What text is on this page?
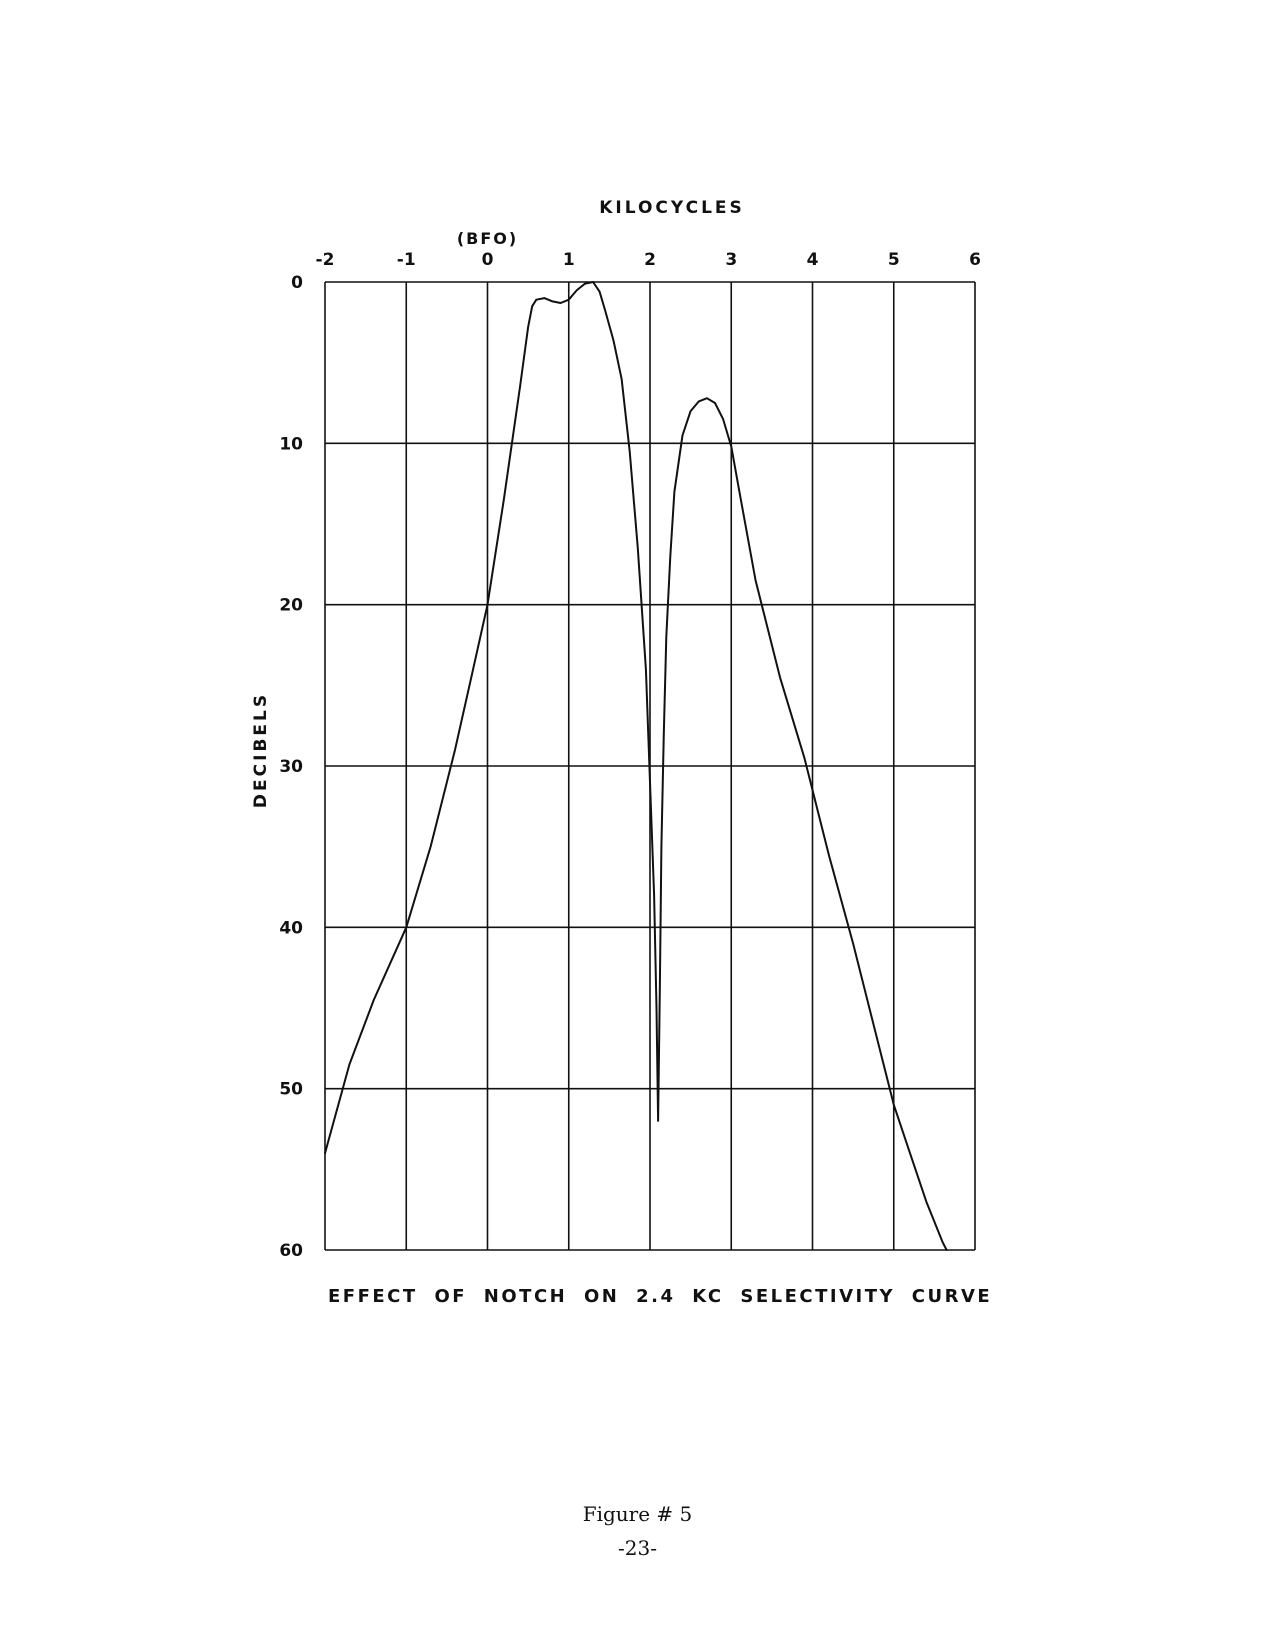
KILOCYCLES
(BFO)
-2	-1	0	1	2	3	4	5	6
0
10
20
30
40
50
60
DECIBELS
EFFECT OF NOTCH ON 2.4 KC SELECTIVITY CURVE
Figure # 5
-23-
